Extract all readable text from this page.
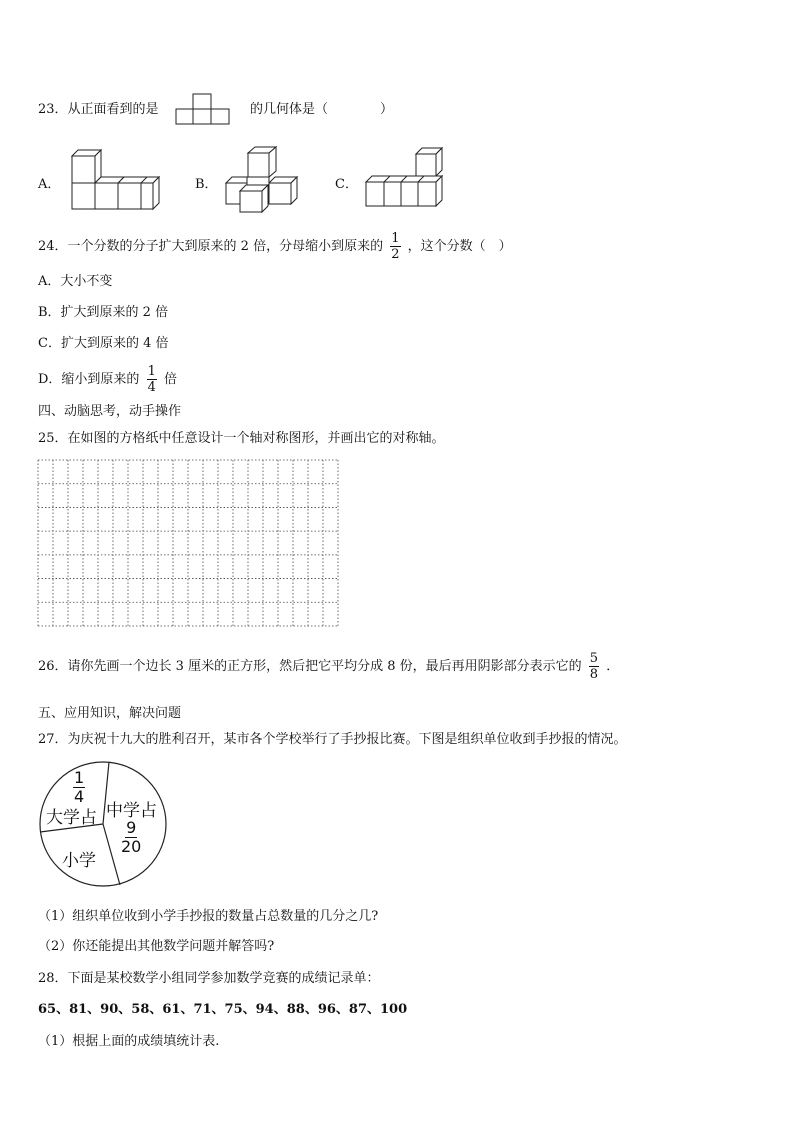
23．从正面看到的是	的几何体是（　　　　）
A．	B．	C．
24．一个分数的分子扩大到原来的 2 倍，分母缩小到原来的 $\frac{1}{2}$ ，这个分数（　）
A．大小不变
B．扩大到原来的 2 倍
C．扩大到原来的 4 倍
D．缩小到原来的 $\frac{1}{4}$ 倍
四、动脑思考，动手操作
25．在如图的方格纸中任意设计一个轴对称图形，并画出它的对称轴。
26．请你先画一个边长 3 厘米的正方形，然后把它平均分成 8 份，最后再用阴影部分表示它的 $\frac{5}{8}$ ．
五、应用知识，解决问题
27．为庆祝十九大的胜利召开，某市各个学校举行了手抄报比赛。下图是组织单位收到手抄报的情况。
$\frac{1}{4}$
大学占 中学占
$\frac{9}{20}$
小学
（1）组织单位收到小学手抄报的数量占总数量的几分之几?
（2）你还能提出其他数学问题并解答吗?
28．下面是某校数学小组同学参加数学竞赛的成绩记录单：
65、81、90、58、61、71、75、94、88、96、87、100
（1）根据上面的成绩填统计表.
